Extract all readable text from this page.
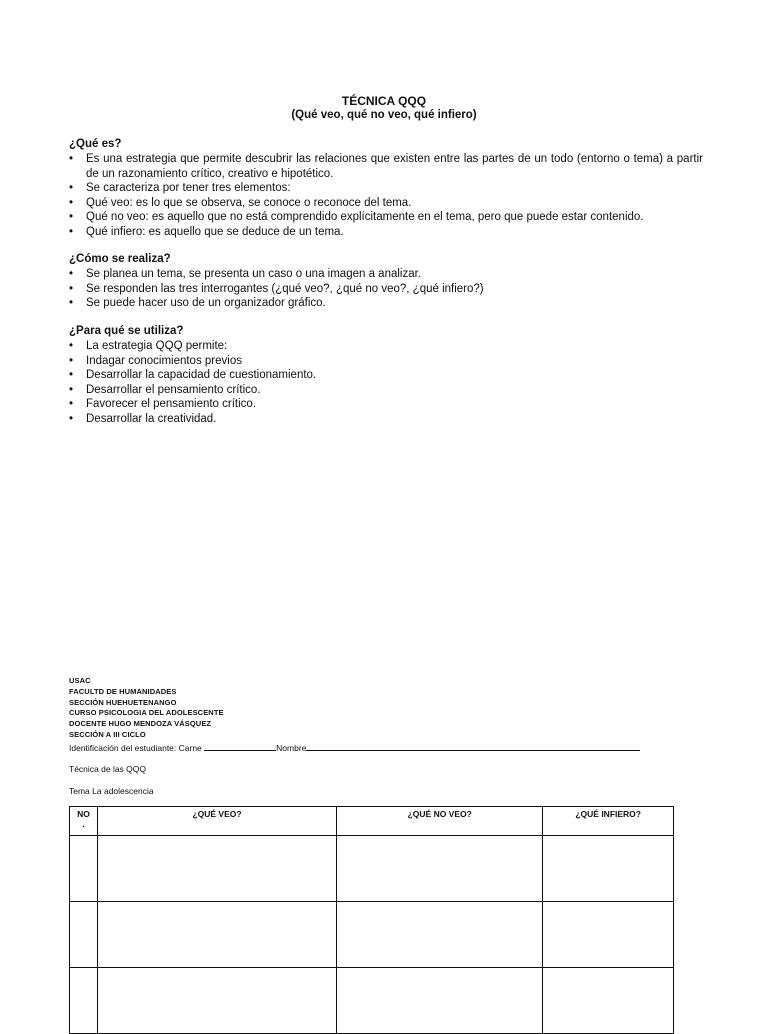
TÉCNICA QQQ
(Qué veo, qué no veo, qué infiero)
¿Qué es?
• Es una estrategia que permite descubrir las relaciones que existen entre las partes de un todo (entorno o tema) a partir de un razonamiento crítico, creativo e hipotético.
• Se caracteriza por tener tres elementos:
• Qué veo: es lo que se observa, se conoce o reconoce del tema.
• Qué no veo: es aquello que no está comprendido explícitamente en el tema, pero que puede estar contenido.
• Qué infiero: es aquello que se deduce de un tema.
¿Cómo se realiza?
• Se planea un tema, se presenta un caso o una imagen a analizar.
• Se responden las tres interrogantes (¿qué veo?, ¿qué no veo?, ¿qué infiero?)
• Se puede hacer uso de un organizador gráfico.
¿Para qué se utiliza?
• La estrategia QQQ permite:
• Indagar conocimientos previos
• Desarrollar la capacidad de cuestionamiento.
• Desarrollar el pensamiento crítico.
• Favorecer el pensamiento crítico.
• Desarrollar la creatividad.
USAC
FACULTD DE HUMANIDADES
SECCIÓN HUEHUETENANGO
CURSO PSICOLOGIA DEL ADOLESCENTE
DOCENTE HUGO MENDOZA VÁSQUEZ
SECCIÓN A III CICLO
Identificación del estudiante: Carne	Nombre
Técnica de las QQQ
Tema La adolescencia
NO
.	¿QUÉ VEO?	¿QUÉ NO VEO?	¿QUÉ INFIERO?
